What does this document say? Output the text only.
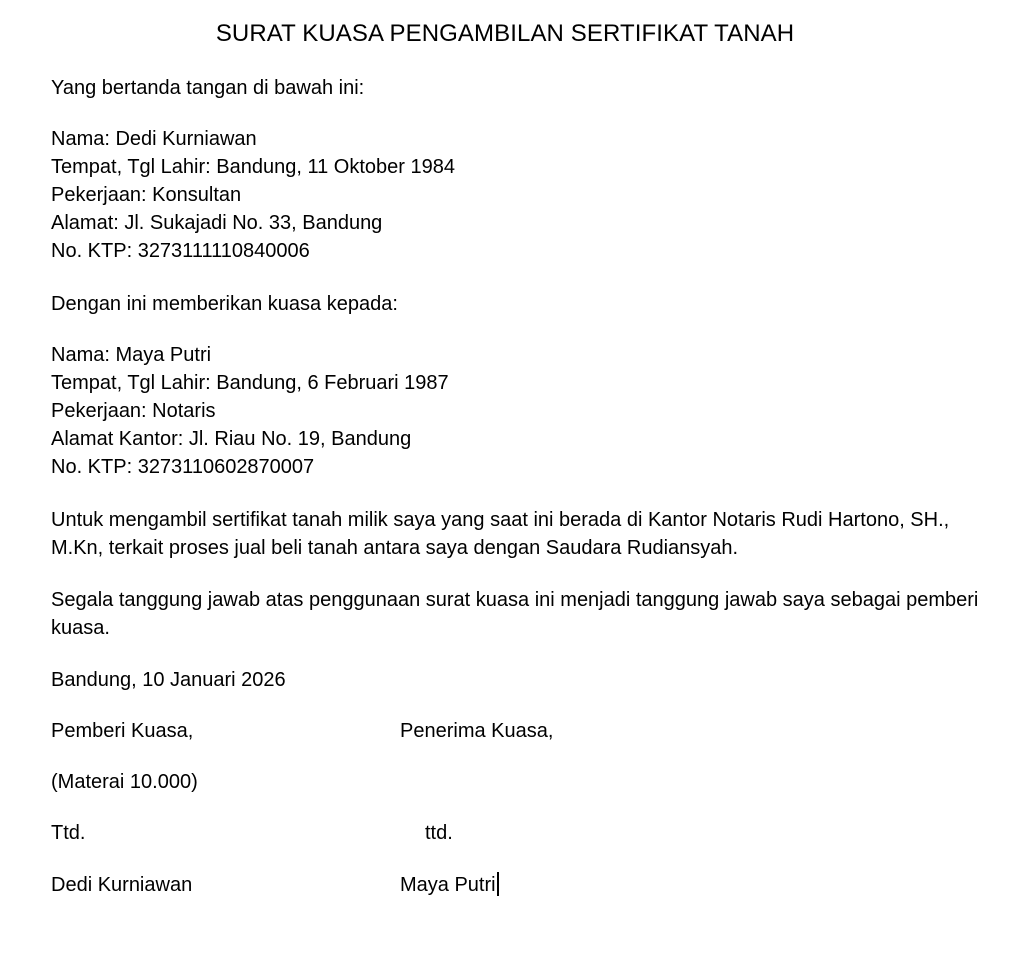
SURAT KUASA PENGAMBILAN SERTIFIKAT TANAH
Yang bertanda tangan di bawah ini:
Nama: Dedi Kurniawan
Tempat, Tgl Lahir: Bandung, 11 Oktober 1984
Pekerjaan: Konsultan
Alamat: Jl. Sukajadi No. 33, Bandung
No. KTP: 3273111110840006
Dengan ini memberikan kuasa kepada:
Nama: Maya Putri
Tempat, Tgl Lahir: Bandung, 6 Februari 1987
Pekerjaan: Notaris
Alamat Kantor: Jl. Riau No. 19, Bandung
No. KTP: 3273110602870007
Untuk mengambil sertifikat tanah milik saya yang saat ini berada di Kantor Notaris Rudi Hartono, SH., M.Kn, terkait proses jual beli tanah antara saya dengan Saudara Rudiansyah.
Segala tanggung jawab atas penggunaan surat kuasa ini menjadi tanggung jawab saya sebagai pemberi kuasa.
Bandung, 10 Januari 2026
Pemberi Kuasa,	Penerima Kuasa,
(Materai 10.000)
Ttd.	ttd.
Dedi Kurniawan	Maya Putri
